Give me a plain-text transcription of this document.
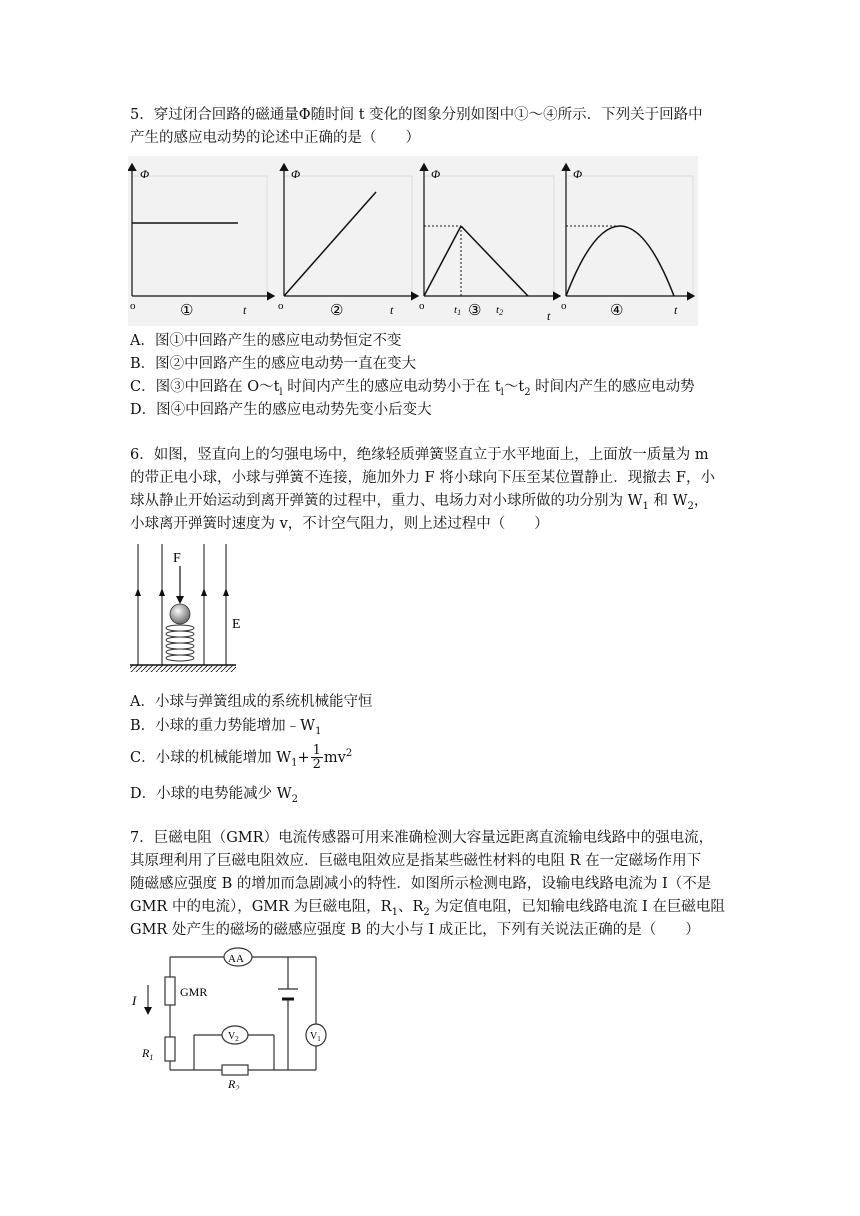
5．穿过闭合回路的磁通量Φ随时间 t 变化的图象分别如图中①～④所示．下列关于回路中
产生的感应电动势的论述中正确的是（　　）
Φ
o	t
①
Φ
o	t
②
Φ
o	t1 ③ t2	t
Φ
o	t
④
A．图①中回路产生的感应电动势恒定不变
B．图②中回路产生的感应电动势一直在变大
C．图③中回路在 $O\sim t_l$ 时间内产生的感应电动势小于在 $t_l\sim t_2$ 时间内产生的感应电动势
D．图④中回路产生的感应电动势先变小后变大
6．如图，竖直向上的匀强电场中，绝缘轻质弹簧竖直立于水平地面上，上面放一质量为 m
的带正电小球，小球与弹簧不连接，施加外力 F 将小球向下压至某位置静止．现撤去 F，小
球从静止开始运动到离开弹簧的过程中，重力、电场力对小球所做的功分别为 $W_1$ 和 $W_2$，
小球离开弹簧时速度为 v，不计空气阻力，则上述过程中（　　）
F
E
A．小球与弹簧组成的系统机械能守恒
B．小球的重力势能增加$﹣W_1$
C．小球的机械能增加 $W_1+ \frac{1}{2} mv^2$
D．小球的电势能减少 $W_2$
7．巨磁电阻（GMR）电流传感器可用来准确检测大容量远距离直流输电线路中的强电流，
其原理利用了巨磁电阻效应．巨磁电阻效应是指某些磁性材料的电阻 R 在一定磁场作用下
随磁感应强度 B 的增加而急剧减小的特性．如图所示检测电路，设输电线路电流为 I（不是
GMR 中的电流），GMR 为巨磁电阻，$R_1$、$R_2$ 为定值电阻，已知输电线路电流 I 在巨磁电阻
GMR 处产生的磁场的磁感应强度 B 的大小与 I 成正比，下列有关说法正确的是（　　）
AA
$V_1$
$V_2$
I
GMR
$R_1$
$R_2$
